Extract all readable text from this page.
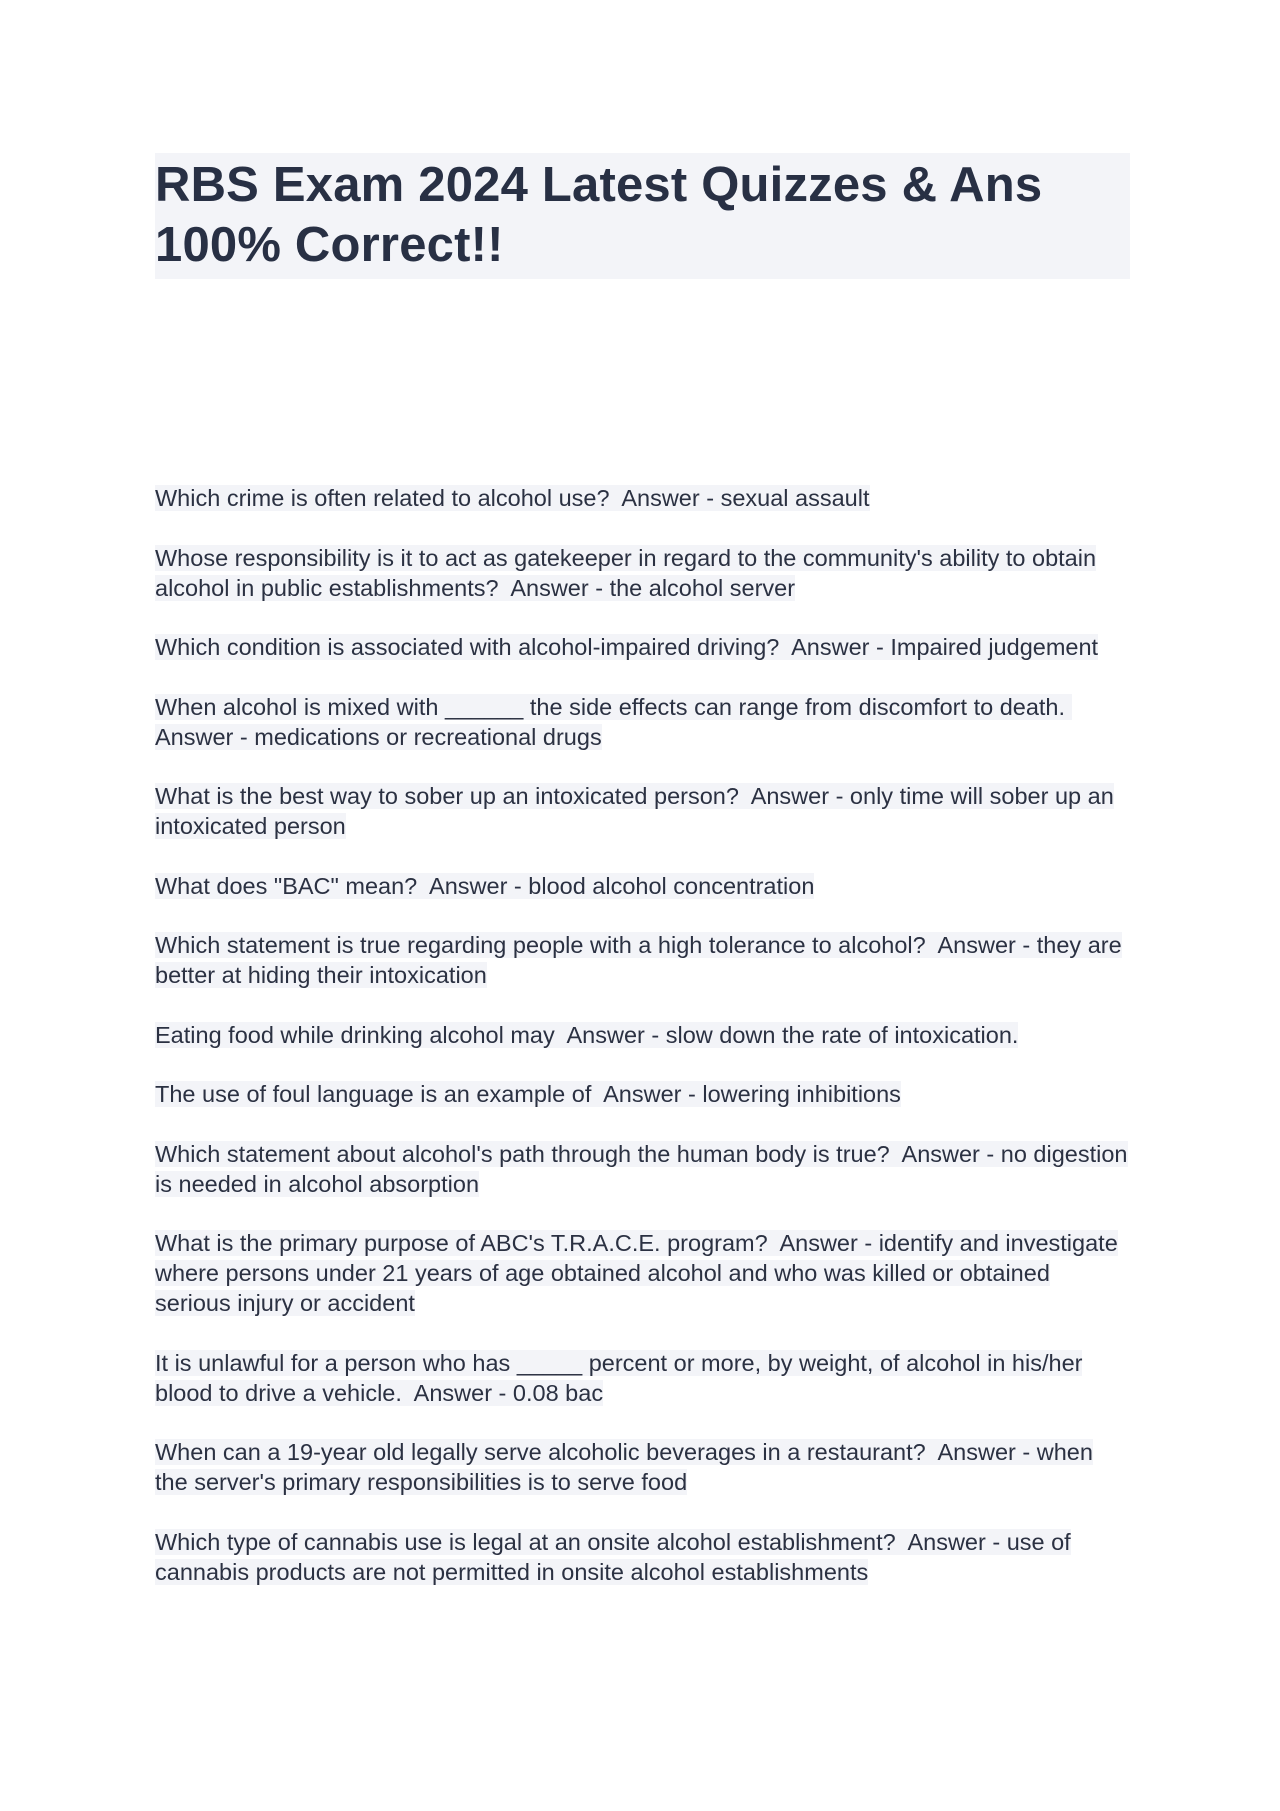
RBS Exam 2024 Latest Quizzes & Ans 100% Correct!!
Which crime is often related to alcohol use? Answer - sexual assault
Whose responsibility is it to act as gatekeeper in regard to the community's ability to obtain alcohol in public establishments? Answer - the alcohol server
Which condition is associated with alcohol-impaired driving? Answer - Impaired judgement
When alcohol is mixed with ______ the side effects can range from discomfort to death.  Answer - medications or recreational drugs
What is the best way to sober up an intoxicated person? Answer - only time will sober up an intoxicated person
What does "BAC" mean? Answer - blood alcohol concentration
Which statement is true regarding people with a high tolerance to alcohol? Answer - they are better at hiding their intoxication
Eating food while drinking alcohol may Answer - slow down the rate of intoxication.
The use of foul language is an example of Answer - lowering inhibitions
Which statement about alcohol's path through the human body is true? Answer - no digestion is needed in alcohol absorption
What is the primary purpose of ABC's T.R.A.C.E. program? Answer - identify and investigate where persons under 21 years of age obtained alcohol and who was killed or obtained serious injury or accident
It is unlawful for a person who has _____ percent or more, by weight, of alcohol in his/her blood to drive a vehicle. Answer - 0.08 bac
When can a 19-year old legally serve alcoholic beverages in a restaurant? Answer - when the server's primary responsibilities is to serve food
Which type of cannabis use is legal at an onsite alcohol establishment? Answer - use of cannabis products are not permitted in onsite alcohol establishments
